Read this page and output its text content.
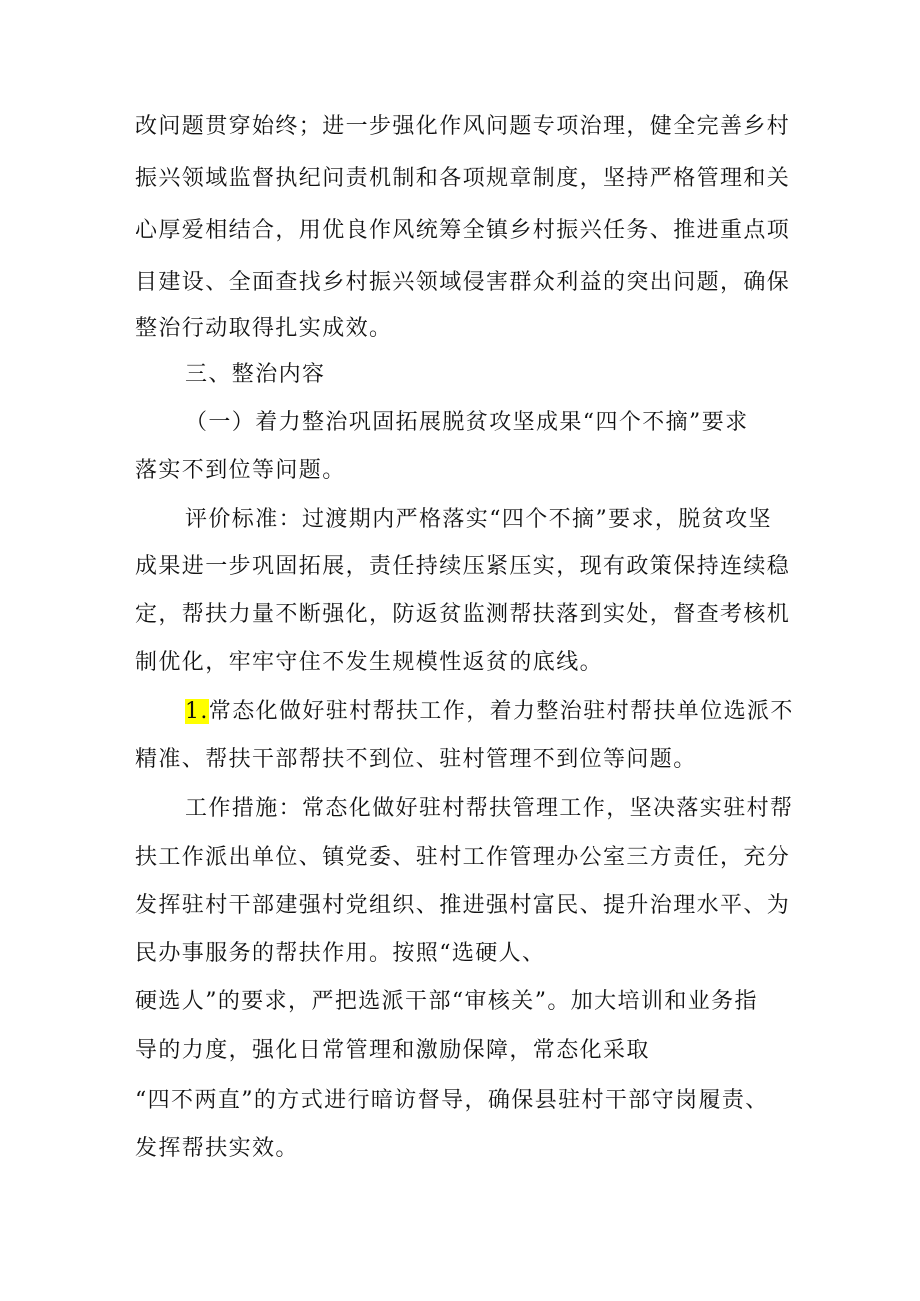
改问题贯穿始终；进一步强化作风问题专项治理，健全完善乡村
振兴领域监督执纪问责机制和各项规章制度，坚持严格管理和关
心厚爱相结合，用优良作风统筹全镇乡村振兴任务、推进重点项
目建设、全面查找乡村振兴领域侵害群众利益的突出问题，确保
整治行动取得扎实成效。
三、整治内容
（一）着力整治巩固拓展脱贫攻坚成果“四个不摘”要求
落实不到位等问题。
评价标准：过渡期内严格落实“四个不摘”要求，脱贫攻坚
成果进一步巩固拓展，责任持续压紧压实，现有政策保持连续稳
定，帮扶力量不断强化，防返贫监测帮扶落到实处，督查考核机
制优化，牢牢守住不发生规模性返贫的底线。
1.常态化做好驻村帮扶工作，着力整治驻村帮扶单位选派不
精准、帮扶干部帮扶不到位、驻村管理不到位等问题。
工作措施：常态化做好驻村帮扶管理工作，坚决落实驻村帮
扶工作派出单位、镇党委、驻村工作管理办公室三方责任，充分
发挥驻村干部建强村党组织、推进强村富民、提升治理水平、为
民办事服务的帮扶作用。按照“选硬人、
硬选人”的要求，严把选派干部“审核关”。加大培训和业务指
导的力度，强化日常管理和激励保障，常态化采取
“四不两直”的方式进行暗访督导，确保县驻村干部守岗履责、
发挥帮扶实效。
